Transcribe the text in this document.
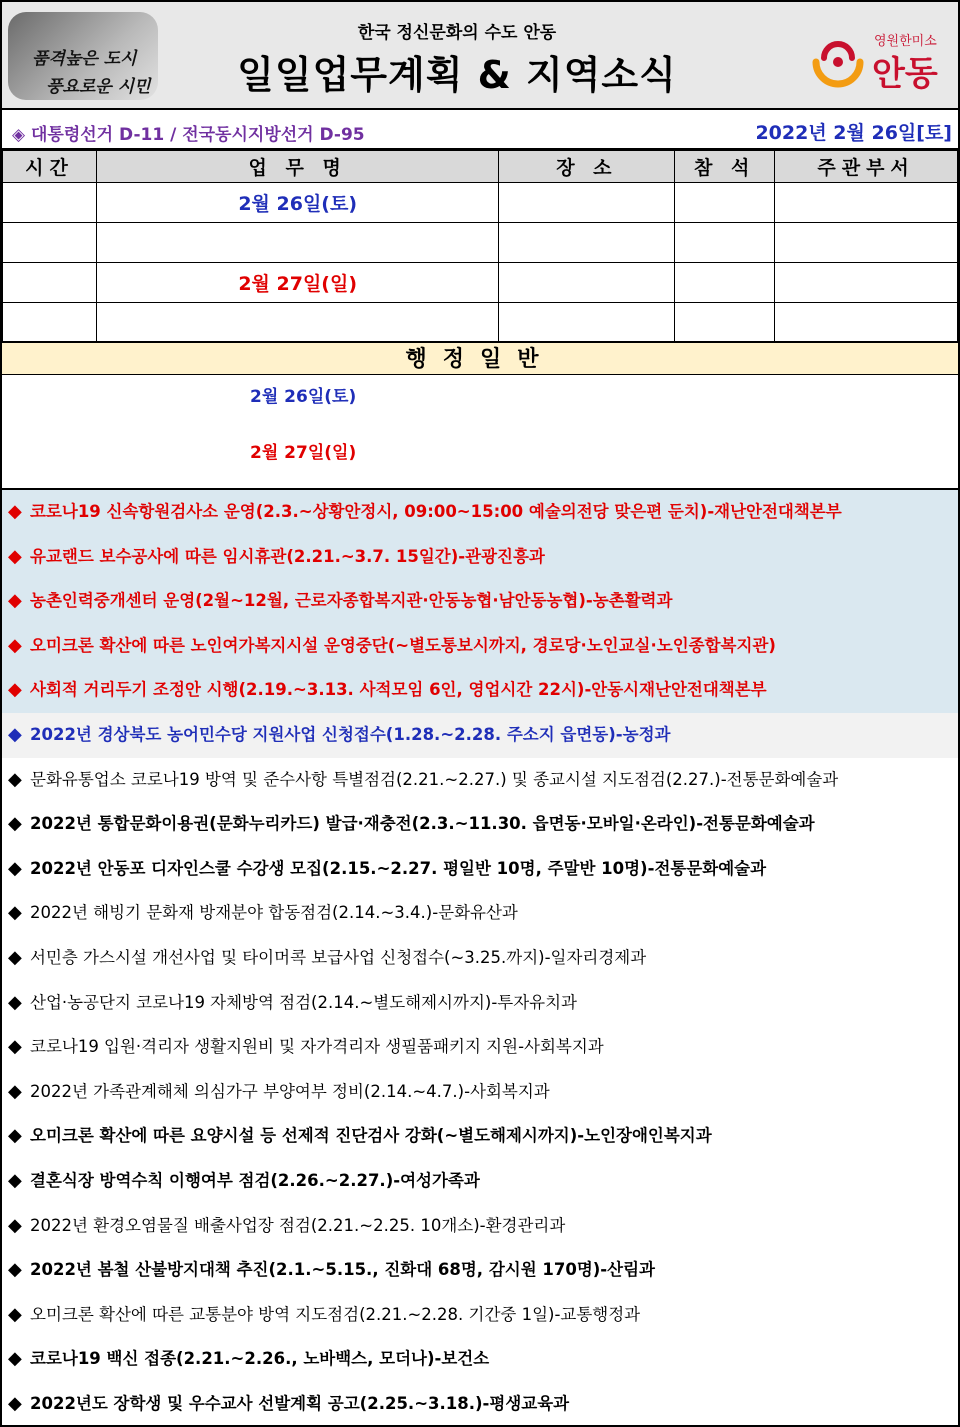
품격높은 도시
풍요로운 시민
한국 정신문화의 수도 안동
일일업무계획 & 지역소식
영원한미소
안동
◈ 대통령선거 D-11 / 전국동시지방선거 D-95	2022년 2월 26일[토]
시간	업 무 명	장 소	참 석	주관부서
	2월 26일(토)			

	2월 27일(일)			

행정일반
2월 26일(토)
2월 27일(일)
◆ 코로나19 신속항원검사소 운영(2.3.~상황안정시, 09:00~15:00 예술의전당 맞은편 둔치)-재난안전대책본부
◆ 유교랜드 보수공사에 따른 임시휴관(2.21.~3.7. 15일간)-관광진흥과
◆ 농촌인력중개센터 운영(2월~12월, 근로자종합복지관·안동농협·남안동농협)-농촌활력과
◆ 오미크론 확산에 따른 노인여가복지시설 운영중단(~별도통보시까지, 경로당·노인교실·노인종합복지관)
◆ 사회적 거리두기 조정안 시행(2.19.~3.13. 사적모임 6인, 영업시간 22시)-안동시재난안전대책본부
◆ 2022년 경상북도 농어민수당 지원사업 신청접수(1.28.~2.28. 주소지 읍면동)-농정과
◆ 문화유통업소 코로나19 방역 및 준수사항 특별점검(2.21.~2.27.) 및 종교시설 지도점검(2.27.)-전통문화예술과
◆ 2022년 통합문화이용권(문화누리카드) 발급·재충전(2.3.~11.30. 읍면동·모바일·온라인)-전통문화예술과
◆ 2022년 안동포 디자인스쿨 수강생 모집(2.15.~2.27. 평일반 10명, 주말반 10명)-전통문화예술과
◆ 2022년 해빙기 문화재 방재분야 합동점검(2.14.~3.4.)-문화유산과
◆ 서민층 가스시설 개선사업 및 타이머콕 보급사업 신청접수(~3.25.까지)-일자리경제과
◆ 산업·농공단지 코로나19 자체방역 점검(2.14.~별도해제시까지)-투자유치과
◆ 코로나19 입원·격리자 생활지원비 및 자가격리자 생필품패키지 지원-사회복지과
◆ 2022년 가족관계해체 의심가구 부양여부 정비(2.14.~4.7.)-사회복지과
◆ 오미크론 확산에 따른 요양시설 등 선제적 진단검사 강화(~별도해제시까지)-노인장애인복지과
◆ 결혼식장 방역수칙 이행여부 점검(2.26.~2.27.)-여성가족과
◆ 2022년 환경오염물질 배출사업장 점검(2.21.~2.25. 10개소)-환경관리과
◆ 2022년 봄철 산불방지대책 추진(2.1.~5.15., 진화대 68명, 감시원 170명)-산림과
◆ 오미크론 확산에 따른 교통분야 방역 지도점검(2.21.~2.28. 기간중 1일)-교통행정과
◆ 코로나19 백신 접종(2.21.~2.26., 노바백스, 모더나)-보건소
◆ 2022년도 장학생 및 우수교사 선발계획 공고(2.25.~3.18.)-평생교육과
